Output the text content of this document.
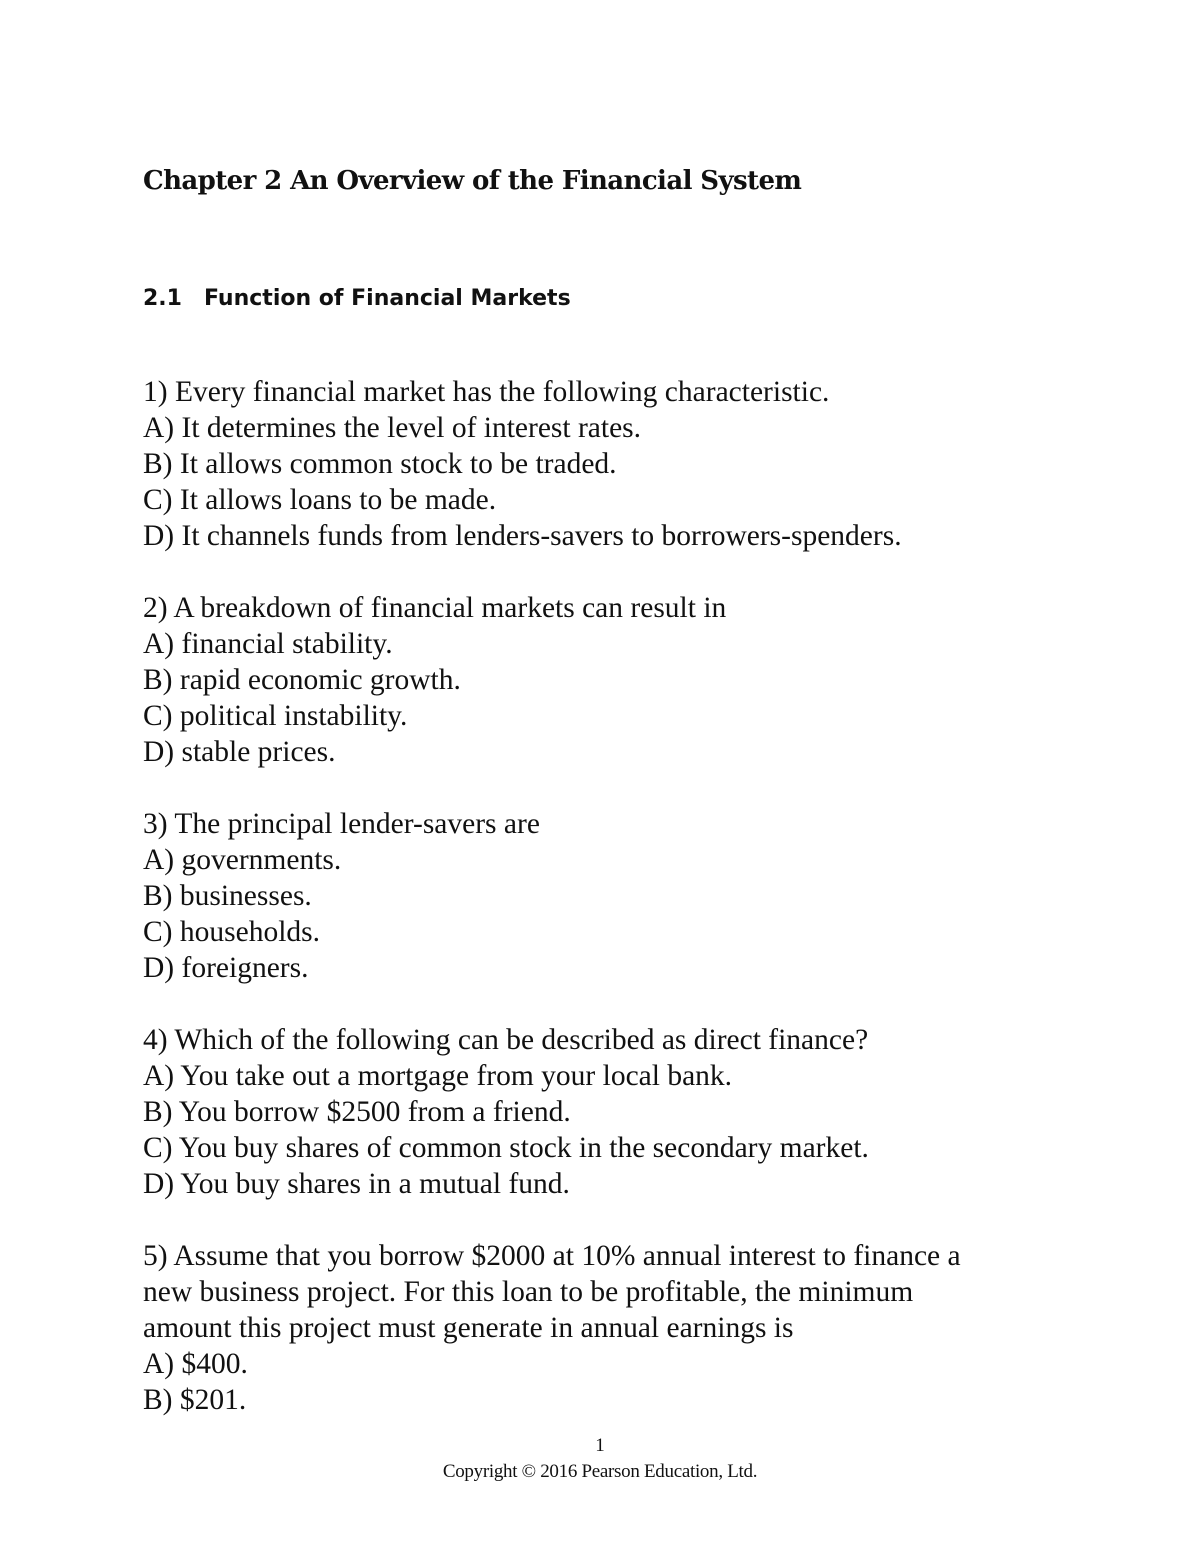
Chapter 2 An Overview of the Financial System
2.1 Function of Financial Markets
1) Every financial market has the following characteristic.
A) It determines the level of interest rates.
B) It allows common stock to be traded.
C) It allows loans to be made.
D) It channels funds from lenders-savers to borrowers-spenders.
2) A breakdown of financial markets can result in
A) financial stability.
B) rapid economic growth.
C) political instability.
D) stable prices.
3) The principal lender-savers are
A) governments.
B) businesses.
C) households.
D) foreigners.
4) Which of the following can be described as direct finance?
A) You take out a mortgage from your local bank.
B) You borrow $2500 from a friend.
C) You buy shares of common stock in the secondary market.
D) You buy shares in a mutual fund.
5) Assume that you borrow $2000 at 10% annual interest to finance a
new business project. For this loan to be profitable, the minimum
amount this project must generate in annual earnings is
A) $400.
B) $201.
1
Copyright © 2016 Pearson Education, Ltd.
